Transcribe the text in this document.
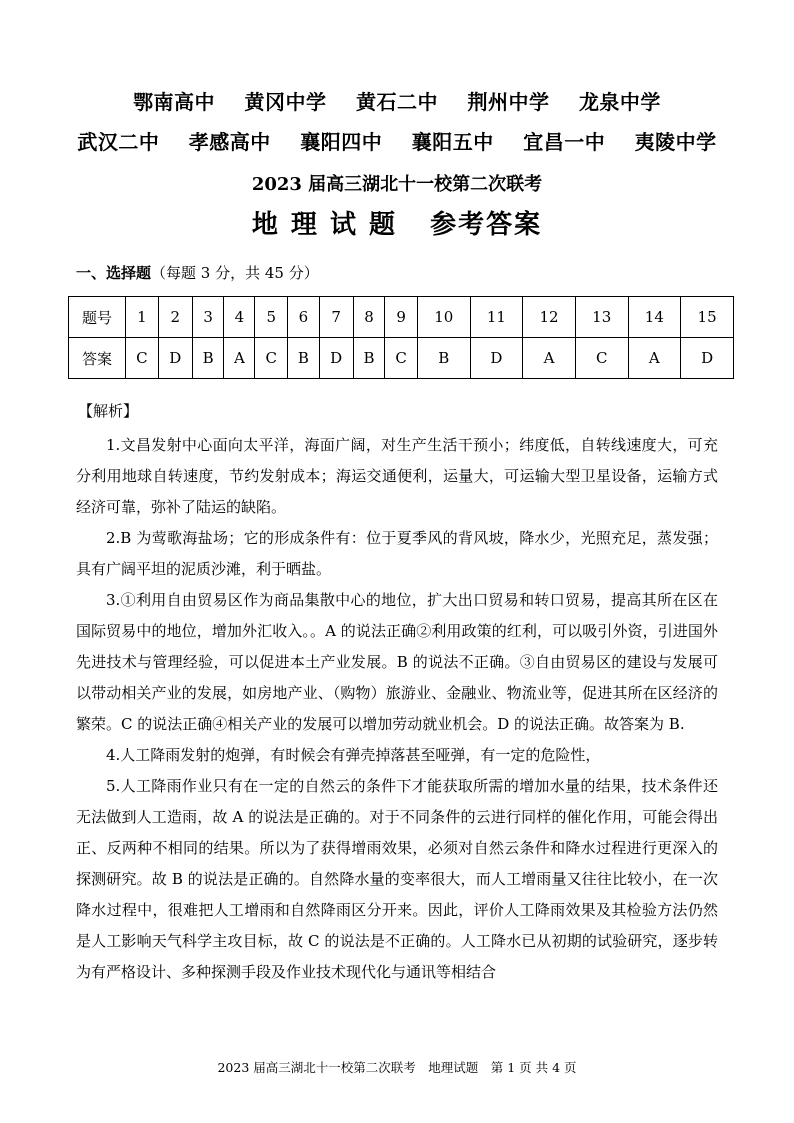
鄂南高中 黄冈中学 黄石二中 荆州中学 龙泉中学
武汉二中 孝感高中 襄阳四中 襄阳五中 宜昌一中 夷陵中学
2023 届高三湖北十一校第二次联考
地 理 试 题   参考答案
一、选择题（每题 3 分，共 45 分）
题号	1	2	3	4	5	6	7	8	9	10	11	12	13	14	15
答案	C	D	B	A	C	B	D	B	C	B	D	A	C	A	D
【解析】

1.文昌发射中心面向太平洋，海面广阔，对生产生活干预小；纬度低，自转线速度大，可充分利用地球自转速度，节约发射成本；海运交通便利，运量大，可运输大型卫星设备，运输方式经济可靠，弥补了陆运的缺陷。

2.B 为莺歌海盐场；它的形成条件有：位于夏季风的背风坡，降水少，光照充足，蒸发强；具有广阔平坦的泥质沙滩，利于晒盐。

3.①利用自由贸易区作为商品集散中心的地位，扩大出口贸易和转口贸易，提高其所在区在国际贸易中的地位，增加外汇收入。。A 的说法正确②利用政策的红利，可以吸引外资，引进国外先进技术与管理经验，可以促进本土产业发展。B 的说法不正确。③自由贸易区的建设与发展可以带动相关产业的发展，如房地产业、（购物）旅游业、金融业、物流业等，促进其所在区经济的繁荣。C 的说法正确④相关产业的发展可以增加劳动就业机会。D 的说法正确。故答案为 B.

4.人工降雨发射的炮弹，有时候会有弹壳掉落甚至哑弹，有一定的危险性，

5.人工降雨作业只有在一定的自然云的条件下才能获取所需的增加水量的结果，技术条件还无法做到人工造雨，故 A 的说法是正确的。对于不同条件的云进行同样的催化作用，可能会得出正、反两种不相同的结果。所以为了获得增雨效果，必须对自然云条件和降水过程进行更深入的探测研究。故 B 的说法是正确的。自然降水量的变率很大，而人工增雨量又往往比较小，在一次降水过程中，很难把人工增雨和自然降雨区分开来。因此，评价人工降雨效果及其检验方法仍然是人工影响天气科学主攻目标，故 C 的说法是不正确的。人工降水已从初期的试验研究，逐步转为有严格设计、多种探测手段及作业技术现代化与通讯等相结合

2023 届高三湖北十一校第二次联考　地理试题　第 1 页 共 4 页
